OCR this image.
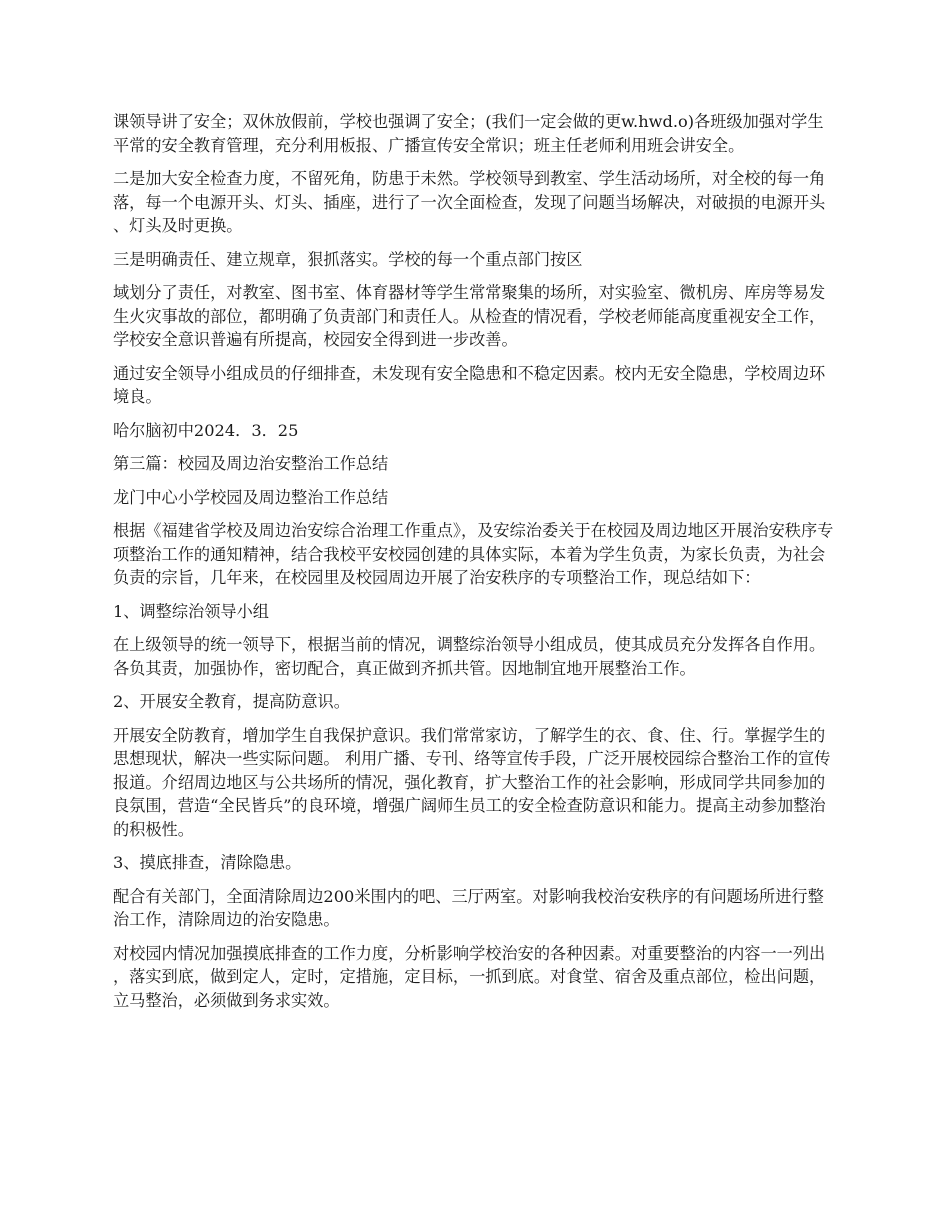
课领导讲了安全；双休放假前，学校也强调了安全；(我们一定会做的更w.hwd.o)各班级加强对学生平常的安全教育管理，充分利用板报、广播宣传安全常识；班主任老师利用班会讲安全。

二是加大安全检查力度，不留死角，防患于未然。学校领导到教室、学生活动场所，对全校的每一角落，每一个电源开头、灯头、插座，进行了一次全面检查，发现了问题当场解决，对破损的电源开头、灯头及时更换。

三是明确责任、建立规章，狠抓落实。学校的每一个重点部门按区

域划分了责任，对教室、图书室、体育器材等学生常常聚集的场所，对实验室、微机房、库房等易发生火灾事故的部位，都明确了负责部门和责任人。从检查的情况看，学校老师能高度重视安全工作，学校安全意识普遍有所提高，校园安全得到进一步改善。

通过安全领导小组成员的仔细排查，未发现有安全隐患和不稳定因素。校内无安全隐患，学校周边环境良。

哈尔脑初中2024．3．25

第三篇：校园及周边治安整治工作总结

龙门中心小学校园及周边整治工作总结

根据《福建省学校及周边治安综合治理工作重点》，及安综治委关于在校园及周边地区开展治安秩序专项整治工作的通知精神，结合我校平安校园创建的具体实际，本着为学生负责，为家长负责，为社会负责的宗旨，几年来，在校园里及校园周边开展了治安秩序的专项整治工作，现总结如下：

1、调整综治领导小组

在上级领导的统一领导下，根据当前的情况，调整综治领导小组成员，使其成员充分发挥各自作用。各负其责，加强协作，密切配合，真正做到齐抓共管。因地制宜地开展整治工作。

2、开展安全教育，提高防意识。

开展安全防教育，增加学生自我保护意识。我们常常家访，了解学生的衣、食、住、行。掌握学生的思想现状，解决一些实际问题。 利用广播、专刊、络等宣传手段，广泛开展校园综合整治工作的宣传报道。介绍周边地区与公共场所的情况，强化教育，扩大整治工作的社会影响，形成同学共同参加的良氛围，营造“全民皆兵”的良环境，增强广阔师生员工的安全检查防意识和能力。提高主动参加整治的积极性。

3、摸底排查，清除隐患。

配合有关部门，全面清除周边200米围内的吧、三厅两室。对影响我校治安秩序的有问题场所进行整治工作，清除周边的治安隐患。

对校园内情况加强摸底排查的工作力度，分析影响学校治安的各种因素。对重要整治的内容一一列出，落实到底，做到定人，定时，定措施，定目标，一抓到底。对食堂、宿舍及重点部位，检出问题，立马整治，必须做到务求实效。
